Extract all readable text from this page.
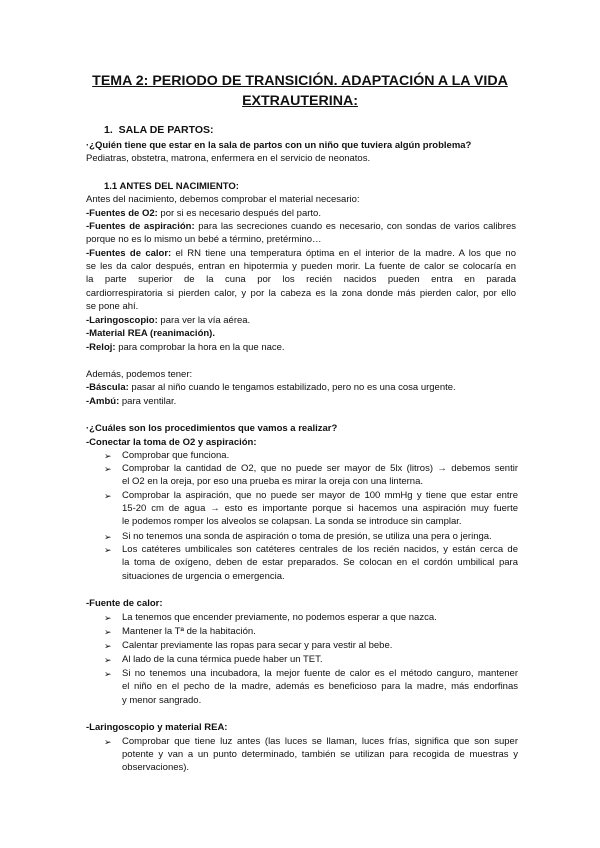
TEMA 2: PERIODO DE TRANSICIÓN. ADAPTACIÓN A LA VIDA
EXTRAUTERINA:
1. SALA DE PARTOS:
·¿Quién tiene que estar en la sala de partos con un niño que tuviera algún problema?
Pediatras, obstetra, matrona, enfermera en el servicio de neonatos.
1.1 ANTES DEL NACIMIENTO:
Antes del nacimiento, debemos comprobar el material necesario:
-Fuentes de O2: por si es necesario después del parto.
-Fuentes de aspiración: para las secreciones cuando es necesario, con sondas de varios calibres
porque no es lo mismo un bebé a término, pretérmino…
-Fuentes de calor: el RN tiene una temperatura óptima en el interior de la madre. A los que no
se les da calor después, entran en hipotermia y pueden morir. La fuente de calor se colocaría en
la parte superior de la cuna por los recién nacidos pueden entra en parada
cardiorrespiratoria si pierden calor, y por la cabeza es la zona donde más pierden calor, por ello
se pone ahí.
-Laringoscopio: para ver la vía aérea.
-Material REA (reanimación).
-Reloj: para comprobar la hora en la que nace.
Además, podemos tener:
-Báscula: pasar al niño cuando le tengamos estabilizado, pero no es una cosa urgente.
-Ambú: para ventilar.
·¿Cuáles son los procedimientos que vamos a realizar?
-Conectar la toma de O2 y aspiración:
➢ Comprobar que funciona.
➢ Comprobar la cantidad de O2, que no puede ser mayor de 5lx (litros) → debemos sentir
el O2 en la oreja, por eso una prueba es mirar la oreja con una linterna.
➢ Comprobar la aspiración, que no puede ser mayor de 100 mmHg y tiene que estar entre
15-20 cm de agua → esto es importante porque si hacemos una aspiración muy fuerte
le podemos romper los alveolos se colapsan. La sonda se introduce sin camplar.
➢ Si no tenemos una sonda de aspiración o toma de presión, se utiliza una pera o jeringa.
➢ Los catéteres umbilicales son catéteres centrales de los recién nacidos, y están cerca de
la toma de oxígeno, deben de estar preparados. Se colocan en el cordón umbilical para
situaciones de urgencia o emergencia.
-Fuente de calor:
➢ La tenemos que encender previamente, no podemos esperar a que nazca.
➢ Mantener la Tª de la habitación.
➢ Calentar previamente las ropas para secar y para vestir al bebe.
➢ Al lado de la cuna térmica puede haber un TET.
➢ Si no tenemos una incubadora, la mejor fuente de calor es el método canguro, mantener
el niño en el pecho de la madre, además es beneficioso para la madre, más endorfinas
y menor sangrado.
-Laringoscopio y material REA:
➢ Comprobar que tiene luz antes (las luces se llaman, luces frías, significa que son super
potente y van a un punto determinado, también se utilizan para recogida de muestras y
observaciones).
